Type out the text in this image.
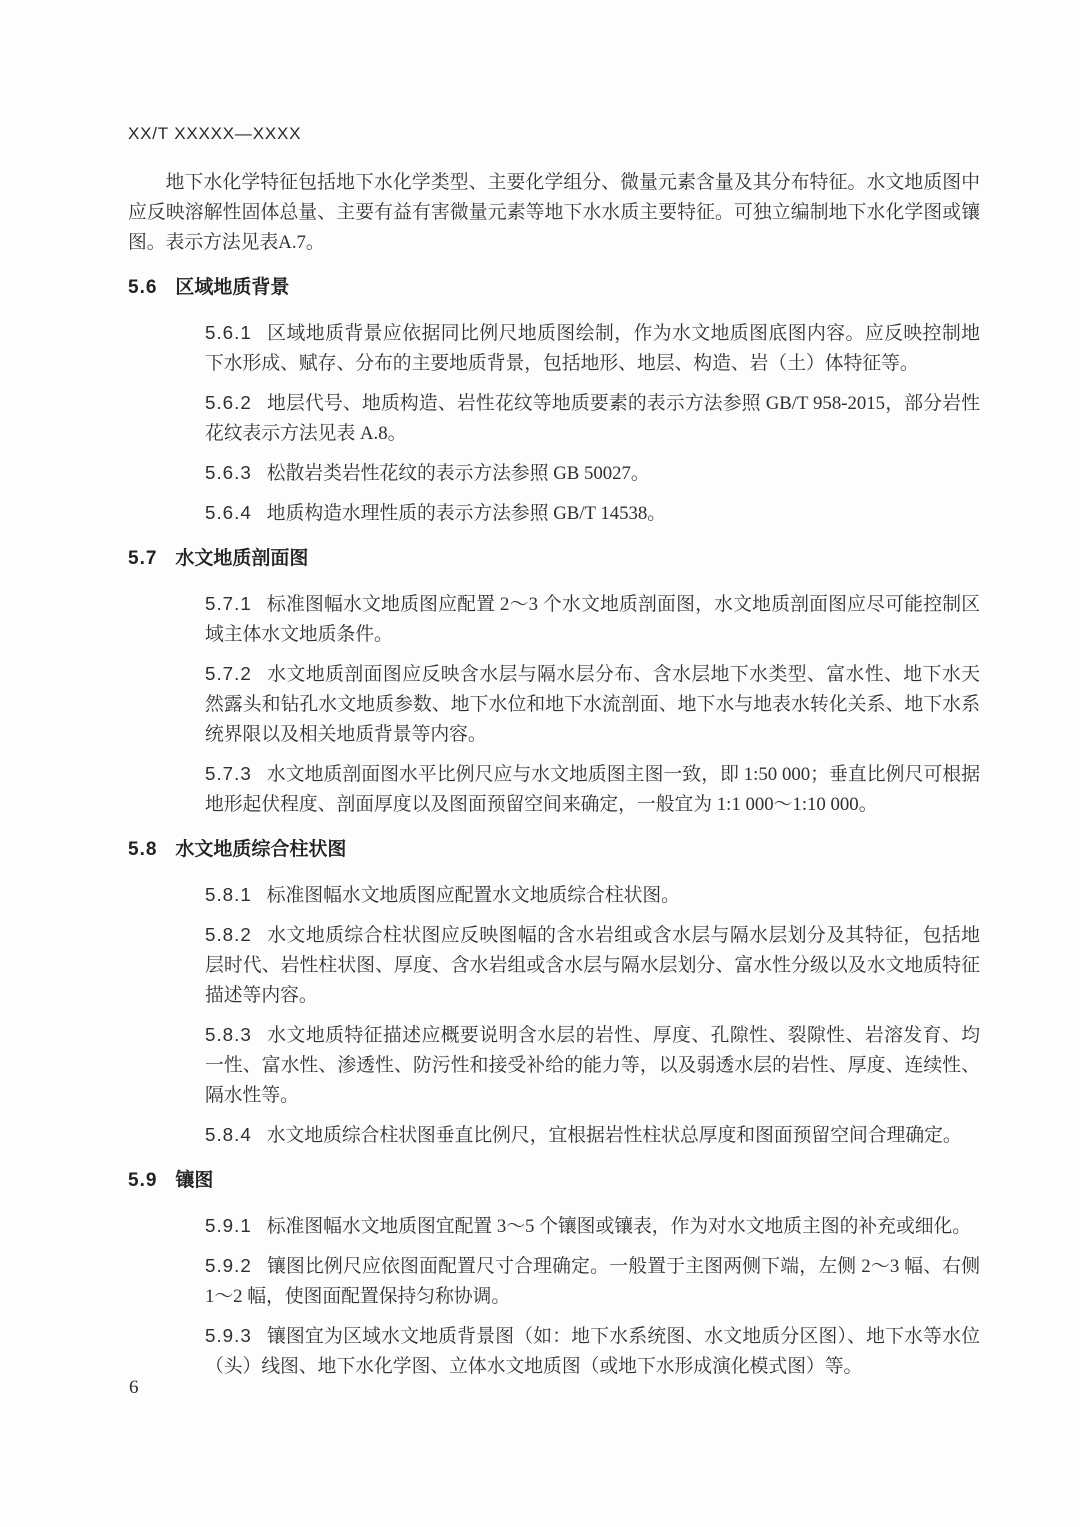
XX/T XXXXX—XXXX

地下水化学特征包括地下水化学类型、主要化学组分、微量元素含量及其分布特征。水文地质图中应反映溶解性固体总量、主要有益有害微量元素等地下水水质主要特征。可独立编制地下水化学图或镶图。表示方法见表A.7。

5.6 区域地质背景

5.6.1 区域地质背景应依据同比例尺地质图绘制，作为水文地质图底图内容。应反映控制地下水形成、赋存、分布的主要地质背景，包括地形、地层、构造、岩（土）体特征等。

5.6.2 地层代号、地质构造、岩性花纹等地质要素的表示方法参照 GB/T 958-2015，部分岩性花纹表示方法见表 A.8。

5.6.3 松散岩类岩性花纹的表示方法参照 GB 50027。

5.6.4 地质构造水理性质的表示方法参照 GB/T 14538。

5.7 水文地质剖面图

5.7.1 标准图幅水文地质图应配置 2～3 个水文地质剖面图，水文地质剖面图应尽可能控制区域主体水文地质条件。

5.7.2 水文地质剖面图应反映含水层与隔水层分布、含水层地下水类型、富水性、地下水天然露头和钻孔水文地质参数、地下水位和地下水流剖面、地下水与地表水转化关系、地下水系统界限以及相关地质背景等内容。

5.7.3 水文地质剖面图水平比例尺应与水文地质图主图一致，即 1:50 000；垂直比例尺可根据地形起伏程度、剖面厚度以及图面预留空间来确定，一般宜为 1:1 000～1:10 000。

5.8 水文地质综合柱状图

5.8.1 标准图幅水文地质图应配置水文地质综合柱状图。

5.8.2 水文地质综合柱状图应反映图幅的含水岩组或含水层与隔水层划分及其特征，包括地层时代、岩性柱状图、厚度、含水岩组或含水层与隔水层划分、富水性分级以及水文地质特征描述等内容。

5.8.3 水文地质特征描述应概要说明含水层的岩性、厚度、孔隙性、裂隙性、岩溶发育、均一性、富水性、渗透性、防污性和接受补给的能力等，以及弱透水层的岩性、厚度、连续性、隔水性等。

5.8.4 水文地质综合柱状图垂直比例尺，宜根据岩性柱状总厚度和图面预留空间合理确定。

5.9 镶图

5.9.1 标准图幅水文地质图宜配置 3～5 个镶图或镶表，作为对水文地质主图的补充或细化。

5.9.2 镶图比例尺应依图面配置尺寸合理确定。一般置于主图两侧下端，左侧 2～3 幅、右侧 1～2 幅，使图面配置保持匀称协调。

5.9.3 镶图宜为区域水文地质背景图（如：地下水系统图、水文地质分区图）、地下水等水位（头）线图、地下水化学图、立体水文地质图（或地下水形成演化模式图）等。

6
